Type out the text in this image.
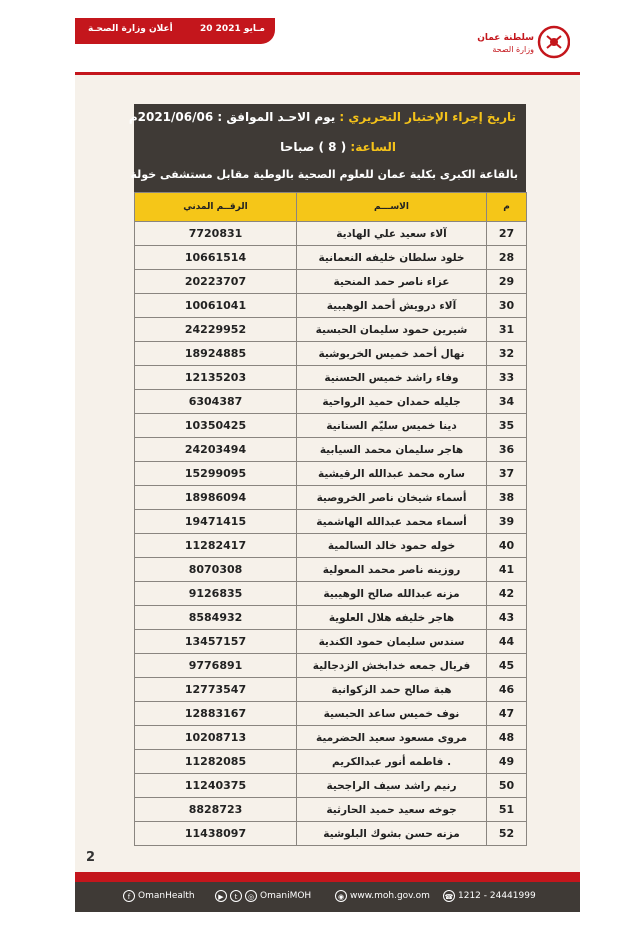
أعلان وزارة الصحـة	20 مـايو 2021
سلطنة عمان
وزارة الصحة
تاريخ إجراء الإختبار التحريري : يوم الاحـد الموافق : 2021/06/06م
الساعة: ( 8 ) صباحا
بالقاعة الكبرى بكلية عمان للعلوم الصحية بالوطية مقابل مستشفى خولة
م	الاســـم	الرقــم المدني
27	آلاء سعيد علي الهادية	7720831
28	خلود سلطان خليفه النعمانية	10661514
29	عزاء ناصر حمد المنحية	20223707
30	آلاء درويش أحمد الوهيبية	10061041
31	شيرين حمود سليمان الحبسية	24229952
32	نهال أحمد خميس الخربوشية	18924885
33	وفاء راشد خميس الحسنية	12135203
34	جليله حمدان حميد الرواحية	6304387
35	دينا خميس سليّم السنانية	10350425
36	هاجر سليمان محمد السيابية	24203494
37	ساره محمد عبدالله الرقيشية	15299095
38	أسماء شيخان ناصر الخروصية	18986094
39	أسماء محمد عبدالله الهاشمية	19471415
40	خوله حمود خالد السالمية	11282417
41	روزينه ناصر محمد المعولية	8070308
42	مزنه عبدالله صالح الوهيبية	9126835
43	هاجر خليفه هلال العلوية	8584932
44	سندس سليمان حمود الكندية	13457157
45	فريال جمعه خدابخش الزدجالية	9776891
46	هبة صالح حمد الزكوانية	12773547
47	نوف خميس ساعد الحبسية	12883167
48	مروى مسعود سعيد الحضرمية	10208713
49	. فاطمه أنور عبدالكريم	11282085
50	رنيم راشد سيف الراجحية	11240375
51	جوخه سعيد حميد الحارثية	8828723
52	مزنه حسن بشوك البلوشية	11438097
2
f OmanHealth	▶	t	◎ OmaniMOH	◉ www.moh.gov.om ☎ 1212 - 24441999
